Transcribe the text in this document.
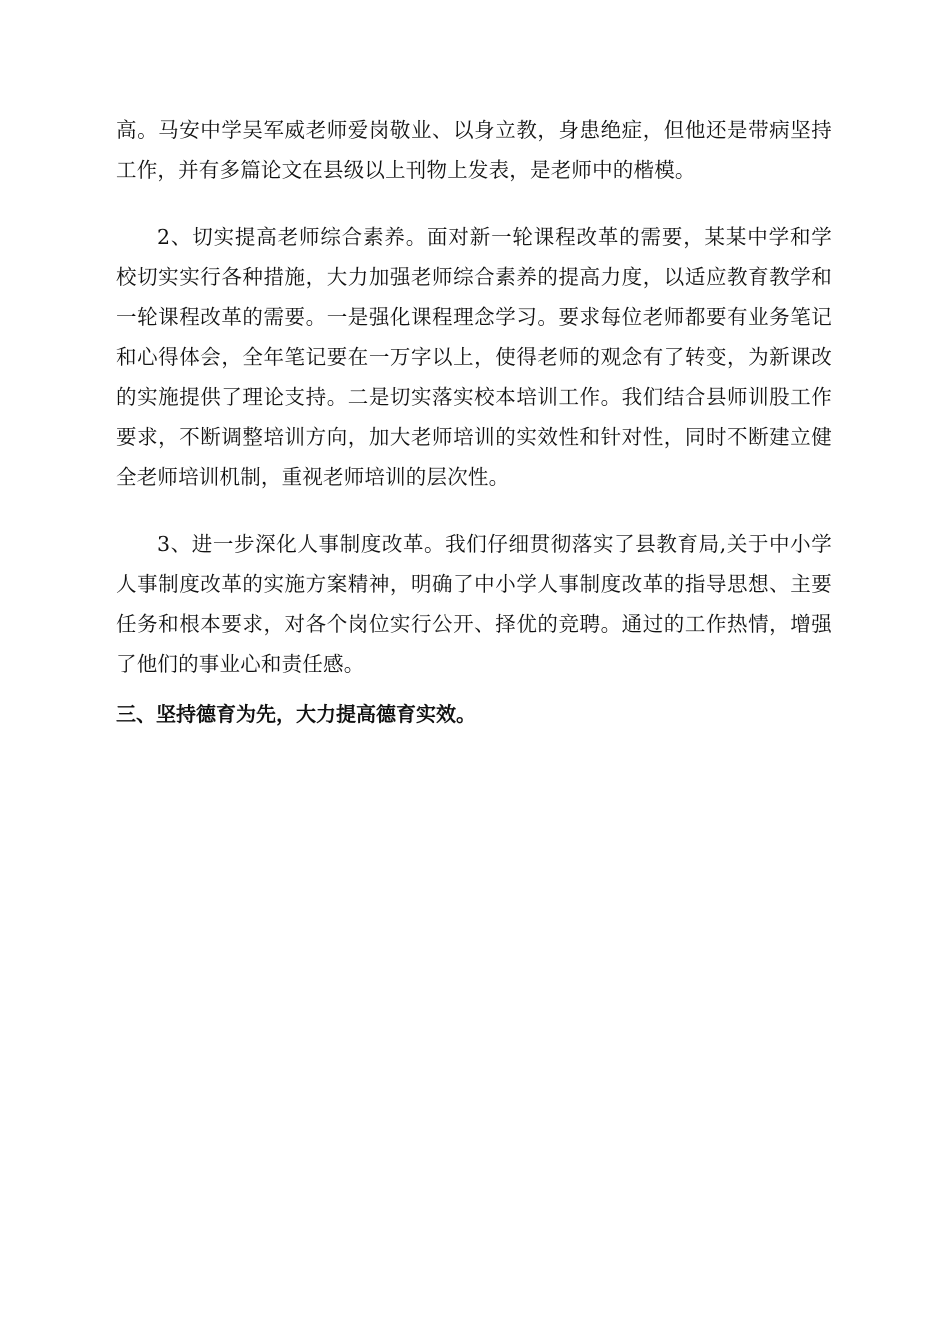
高。马安中学吴军威老师爱岗敬业、以身立教，身患绝症，但他还是带病坚持工作，并有多篇论文在县级以上刊物上发表，是老师中的楷模。

2、切实提高老师综合素养。面对新一轮课程改革的需要，某某中学和学校切实实行各种措施，大力加强老师综合素养的提高力度，以适应教育教学和一轮课程改革的需要。一是强化课程理念学习。要求每位老师都要有业务笔记和心得体会，全年笔记要在一万字以上，使得老师的观念有了转变，为新课改的实施提供了理论支持。二是切实落实校本培训工作。我们结合县师训股工作要求，不断调整培训方向，加大老师培训的实效性和针对性，同时不断建立健全老师培训机制，重视老师培训的层次性。

3、进一步深化人事制度改革。我们仔细贯彻落实了县教育局,关于中小学人事制度改革的实施方案精神，明确了中小学人事制度改革的指导思想、主要任务和根本要求，对各个岗位实行公开、择优的竞聘。通过的工作热情，增强了他们的事业心和责任感。

三、坚持德育为先，大力提高德育实效。
